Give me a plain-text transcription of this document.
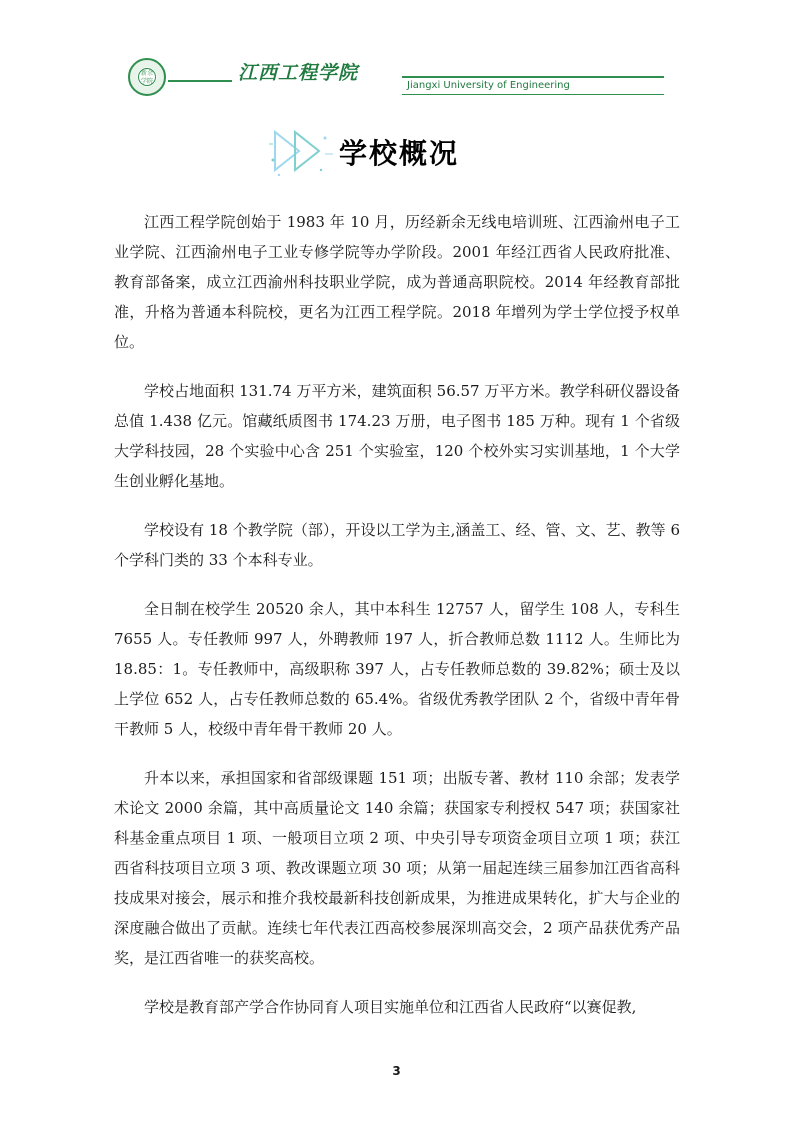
新余 学院	江西工程学院
Jiangxi University of Engineering
学校概况

江西工程学院创始于 1983 年 10 月，历经新余无线电培训班、江西渝州电子工业学院、江西渝州电子工业专修学院等办学阶段。2001 年经江西省人民政府批准、教育部备案，成立江西渝州科技职业学院，成为普通高职院校。2014 年经教育部批准，升格为普通本科院校，更名为江西工程学院。2018 年增列为学士学位授予权单位。

学校占地面积 131.74 万平方米，建筑面积 56.57 万平方米。教学科研仪器设备总值 1.438 亿元。馆藏纸质图书 174.23 万册，电子图书 185 万种。现有 1 个省级大学科技园，28 个实验中心含 251 个实验室，120 个校外实习实训基地，1 个大学生创业孵化基地。

学校设有 18 个教学院（部），开设以工学为主,涵盖工、经、管、文、艺、教等 6 个学科门类的 33 个本科专业。

全日制在校学生 20520 余人，其中本科生 12757 人，留学生 108 人，专科生 7655 人。专任教师 997 人，外聘教师 197 人，折合教师总数 1112 人。生师比为 18.85：1。专任教师中，高级职称 397 人，占专任教师总数的 39.82%；硕士及以上学位 652 人，占专任教师总数的 65.4%。省级优秀教学团队 2 个，省级中青年骨干教师 5 人，校级中青年骨干教师 20 人。

升本以来，承担国家和省部级课题 151 项；出版专著、教材 110 余部；发表学术论文 2000 余篇，其中高质量论文 140 余篇；获国家专利授权 547 项；获国家社科基金重点项目 1 项、一般项目立项 2 项、中央引导专项资金项目立项 1 项；获江西省科技项目立项 3 项、教改课题立项 30 项；从第一届起连续三届参加江西省高科技成果对接会，展示和推介我校最新科技创新成果，为推进成果转化，扩大与企业的深度融合做出了贡献。连续七年代表江西高校参展深圳高交会，2 项产品获优秀产品奖，是江西省唯一的获奖高校。

学校是教育部产学合作协同育人项目实施单位和江西省人民政府“以赛促教,

3
